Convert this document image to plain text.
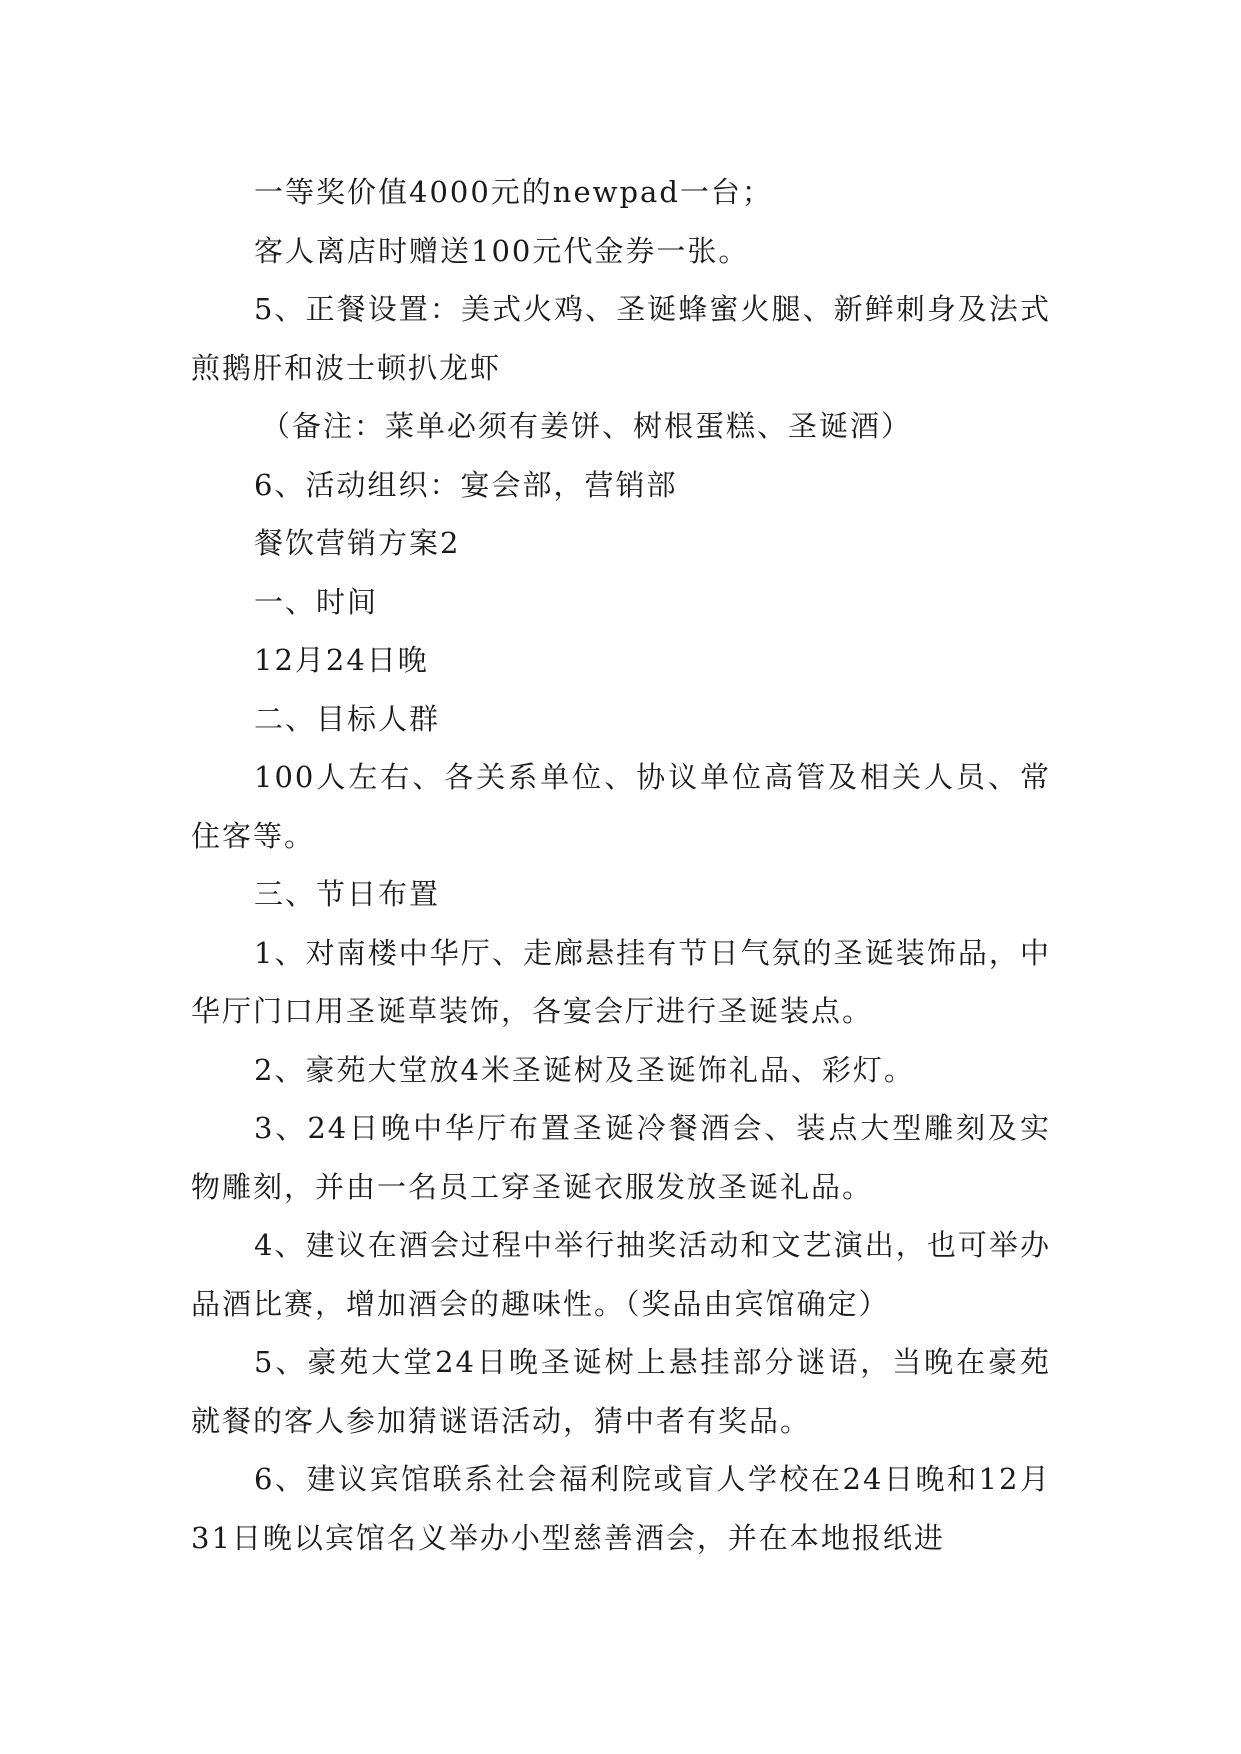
一等奖价值4000元的newpad一台；

客人离店时赠送100元代金券一张。

5、正餐设置：美式火鸡、圣诞蜂蜜火腿、新鲜刺身及法式煎鹅肝和波士顿扒龙虾

（备注：菜单必须有姜饼、树根蛋糕、圣诞酒）

6、活动组织：宴会部，营销部

餐饮营销方案2

一、时间

12月24日晚

二、目标人群

100人左右、各关系单位、协议单位高管及相关人员、常住客等。

三、节日布置

1、对南楼中华厅、走廊悬挂有节日气氛的圣诞装饰品，中华厅门口用圣诞草装饰，各宴会厅进行圣诞装点。

2、豪苑大堂放4米圣诞树及圣诞饰礼品、彩灯。

3、24日晚中华厅布置圣诞冷餐酒会、装点大型雕刻及实物雕刻，并由一名员工穿圣诞衣服发放圣诞礼品。

4、建议在酒会过程中举行抽奖活动和文艺演出，也可举办品酒比赛，增加酒会的趣味性。（奖品由宾馆确定）

5、豪苑大堂24日晚圣诞树上悬挂部分谜语，当晚在豪苑就餐的客人参加猜谜语活动，猜中者有奖品。

6、建议宾馆联系社会福利院或盲人学校在24日晚和12月31日晚以宾馆名义举办小型慈善酒会，并在本地报纸进
